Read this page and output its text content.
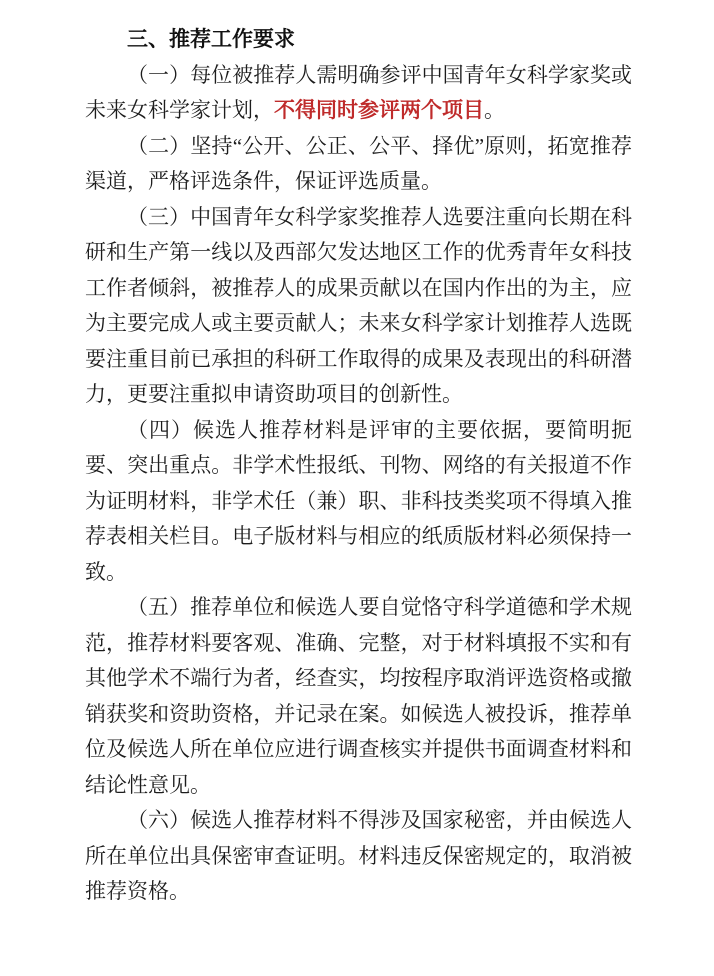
三、推荐工作要求

（一）每位被推荐人需明确参评中国青年女科学家奖或未来女科学家计划，不得同时参评两个项目。

（二）坚持“公开、公正、公平、择优”原则，拓宽推荐渠道，严格评选条件，保证评选质量。

（三）中国青年女科学家奖推荐人选要注重向长期在科研和生产第一线以及西部欠发达地区工作的优秀青年女科技工作者倾斜，被推荐人的成果贡献以在国内作出的为主，应为主要完成人或主要贡献人；未来女科学家计划推荐人选既要注重目前已承担的科研工作取得的成果及表现出的科研潜力，更要注重拟申请资助项目的创新性。

（四）候选人推荐材料是评审的主要依据，要简明扼要、突出重点。非学术性报纸、刊物、网络的有关报道不作为证明材料，非学术任（兼）职、非科技类奖项不得填入推荐表相关栏目。电子版材料与相应的纸质版材料必须保持一致。

（五）推荐单位和候选人要自觉恪守科学道德和学术规范，推荐材料要客观、准确、完整，对于材料填报不实和有其他学术不端行为者，经查实，均按程序取消评选资格或撤销获奖和资助资格，并记录在案。如候选人被投诉，推荐单位及候选人所在单位应进行调查核实并提供书面调查材料和结论性意见。

（六）候选人推荐材料不得涉及国家秘密，并由候选人所在单位出具保密审查证明。材料违反保密规定的，取消被推荐资格。
